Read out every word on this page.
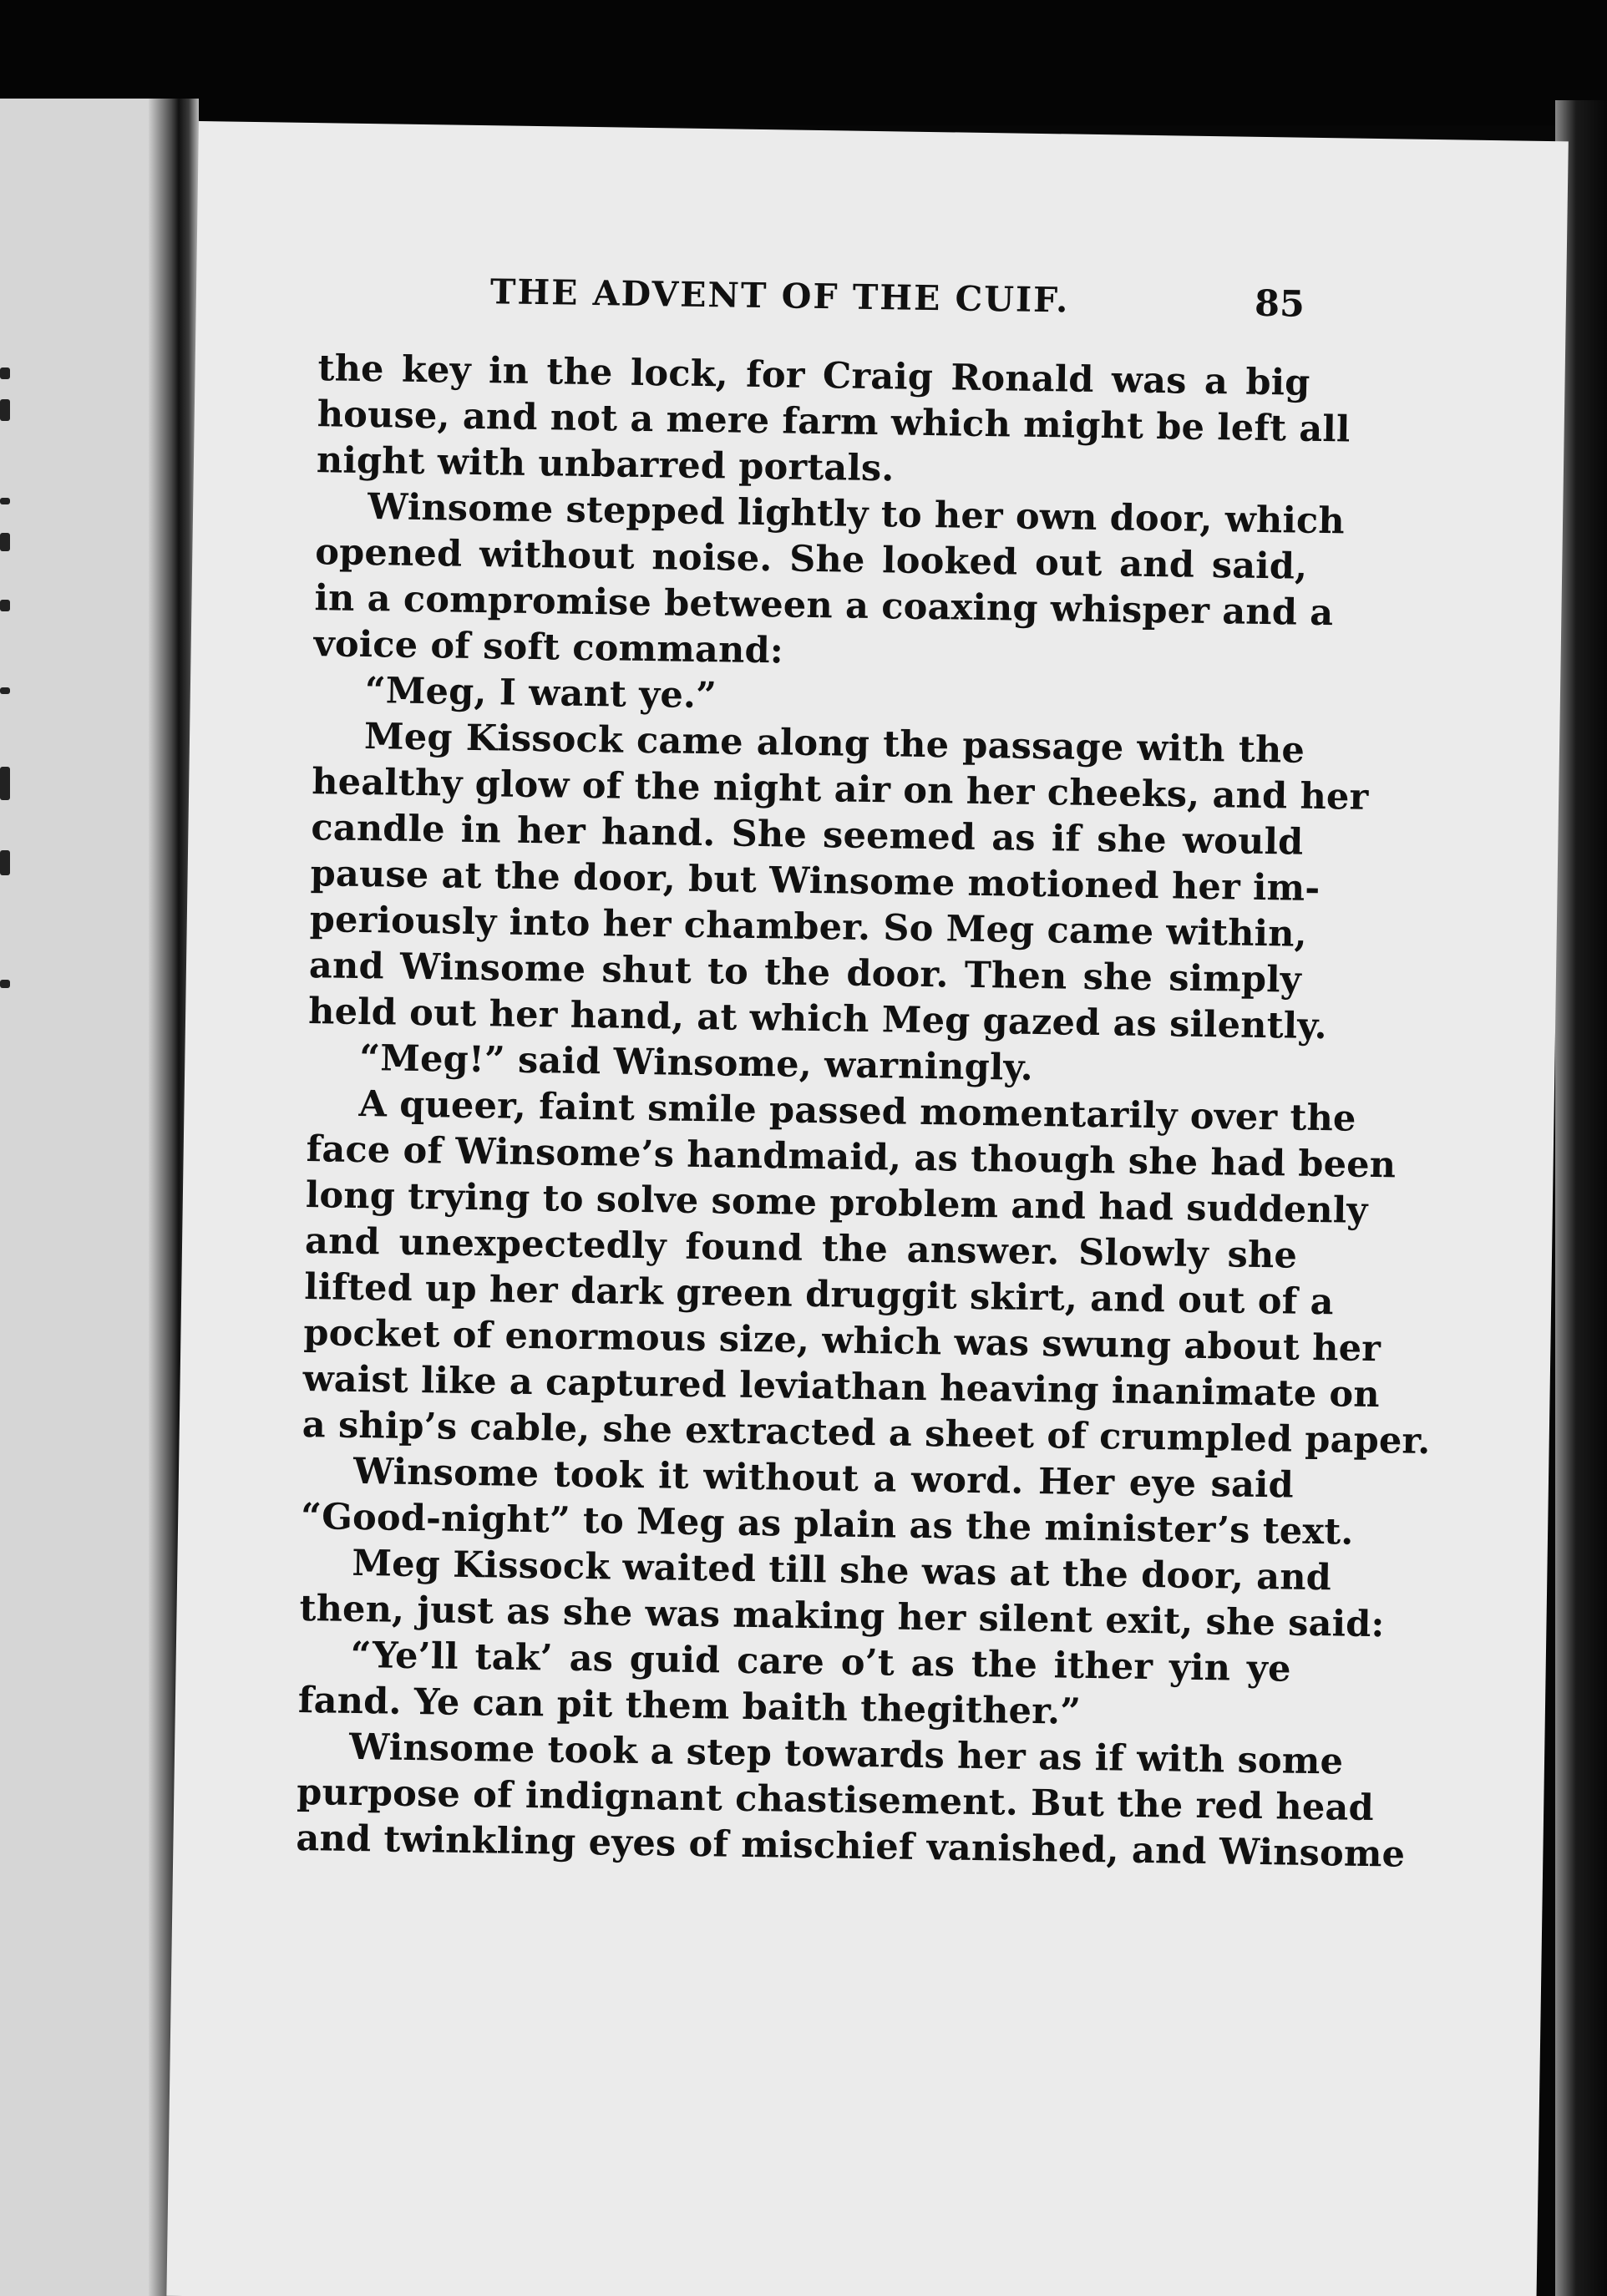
THE ADVENT OF THE CUIF.	85
the key in the lock, for Craig Ronald was a big
house, and not a mere farm which might be left all
night with unbarred portals.
Winsome stepped lightly to her own door, which
opened without noise. She looked out and said,
in a compromise between a coaxing whisper and a
voice of soft command:
“Meg, I want ye.”
Meg Kissock came along the passage with the
healthy glow of the night air on her cheeks, and her
candle in her hand. She seemed as if she would
pause at the door, but Winsome motioned her im-
periously into her chamber. So Meg came within,
and Winsome shut to the door. Then she simply
held out her hand, at which Meg gazed as silently.
“Meg!” said Winsome, warningly.
A queer, faint smile passed momentarily over the
face of Winsome’s handmaid, as though she had been
long trying to solve some problem and had suddenly
and unexpectedly found the answer. Slowly she
lifted up her dark green druggit skirt, and out of a
pocket of enormous size, which was swung about her
waist like a captured leviathan heaving inanimate on
a ship’s cable, she extracted a sheet of crumpled paper.
Winsome took it without a word. Her eye said
“Good-night” to Meg as plain as the minister’s text.
Meg Kissock waited till she was at the door, and
then, just as she was making her silent exit, she said:
“Ye’ll tak’ as guid care o’t as the ither yin ye
fand. Ye can pit them baith thegither.”
Winsome took a step towards her as if with some
purpose of indignant chastisement. But the red head
and twinkling eyes of mischief vanished, and Winsome
